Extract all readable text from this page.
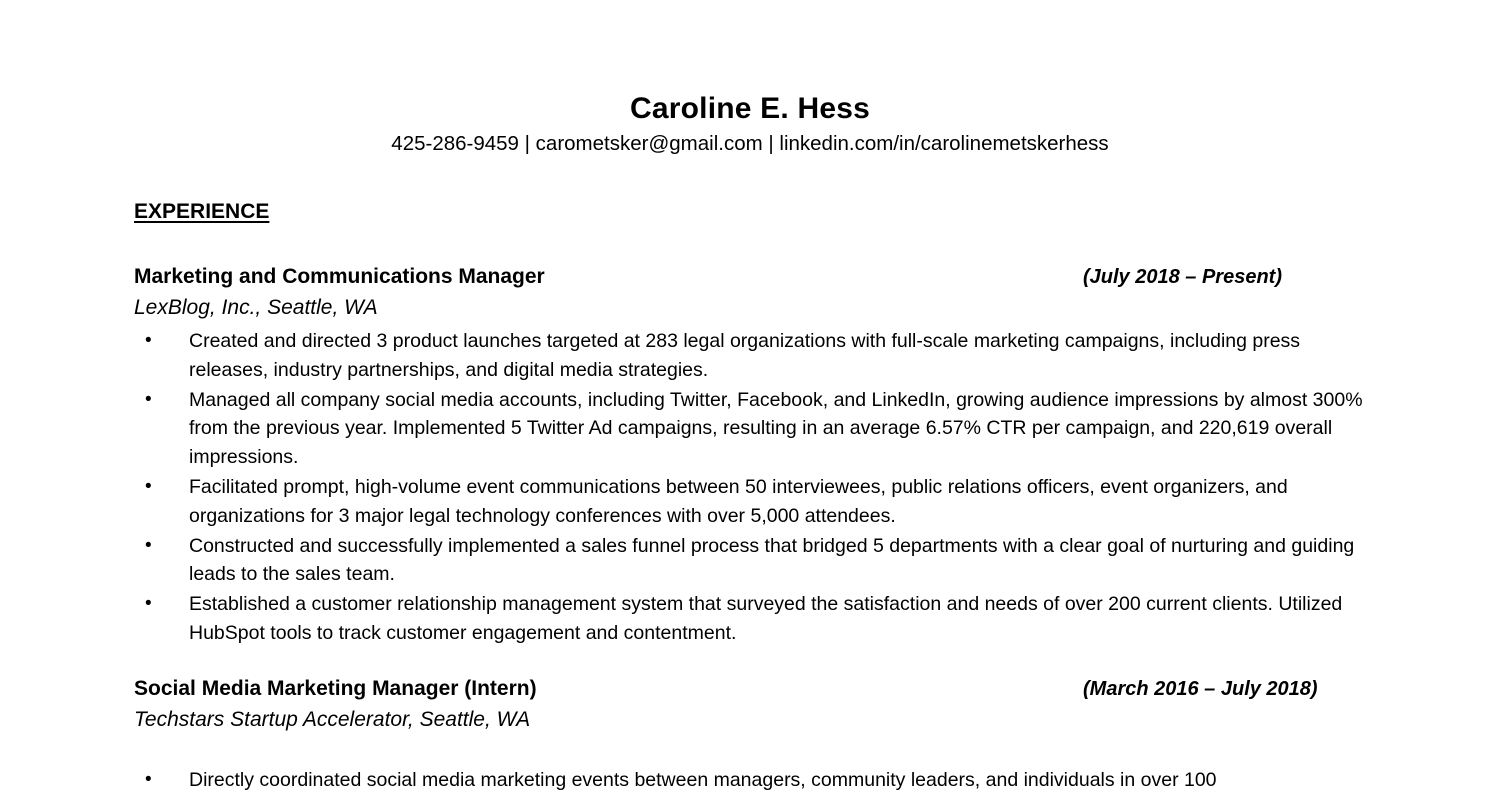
Caroline E. Hess
425-286-9459 | carometsker@gmail.com | linkedin.com/in/carolinemetskerhess
EXPERIENCE
Marketing and Communications Manager	(July 2018 – Present)
LexBlog, Inc., Seattle, WA
• Created and directed 3 product launches targeted at 283 legal organizations with full-scale marketing campaigns, including press releases, industry partnerships, and digital media strategies.
• Managed all company social media accounts, including Twitter, Facebook, and LinkedIn, growing audience impressions by almost 300% from the previous year. Implemented 5 Twitter Ad campaigns, resulting in an average 6.57% CTR per campaign, and 220,619 overall impressions.
• Facilitated prompt, high-volume event communications between 50 interviewees, public relations officers, event organizers, and organizations for 3 major legal technology conferences with over 5,000 attendees.
• Constructed and successfully implemented a sales funnel process that bridged 5 departments with a clear goal of nurturing and guiding leads to the sales team.
• Established a customer relationship management system that surveyed the satisfaction and needs of over 200 current clients. Utilized HubSpot tools to track customer engagement and contentment.
Social Media Marketing Manager (Intern)	(March 2016 – July 2018)
Techstars Startup Accelerator, Seattle, WA
• Directly coordinated social media marketing events between managers, community leaders, and individuals in over 100
